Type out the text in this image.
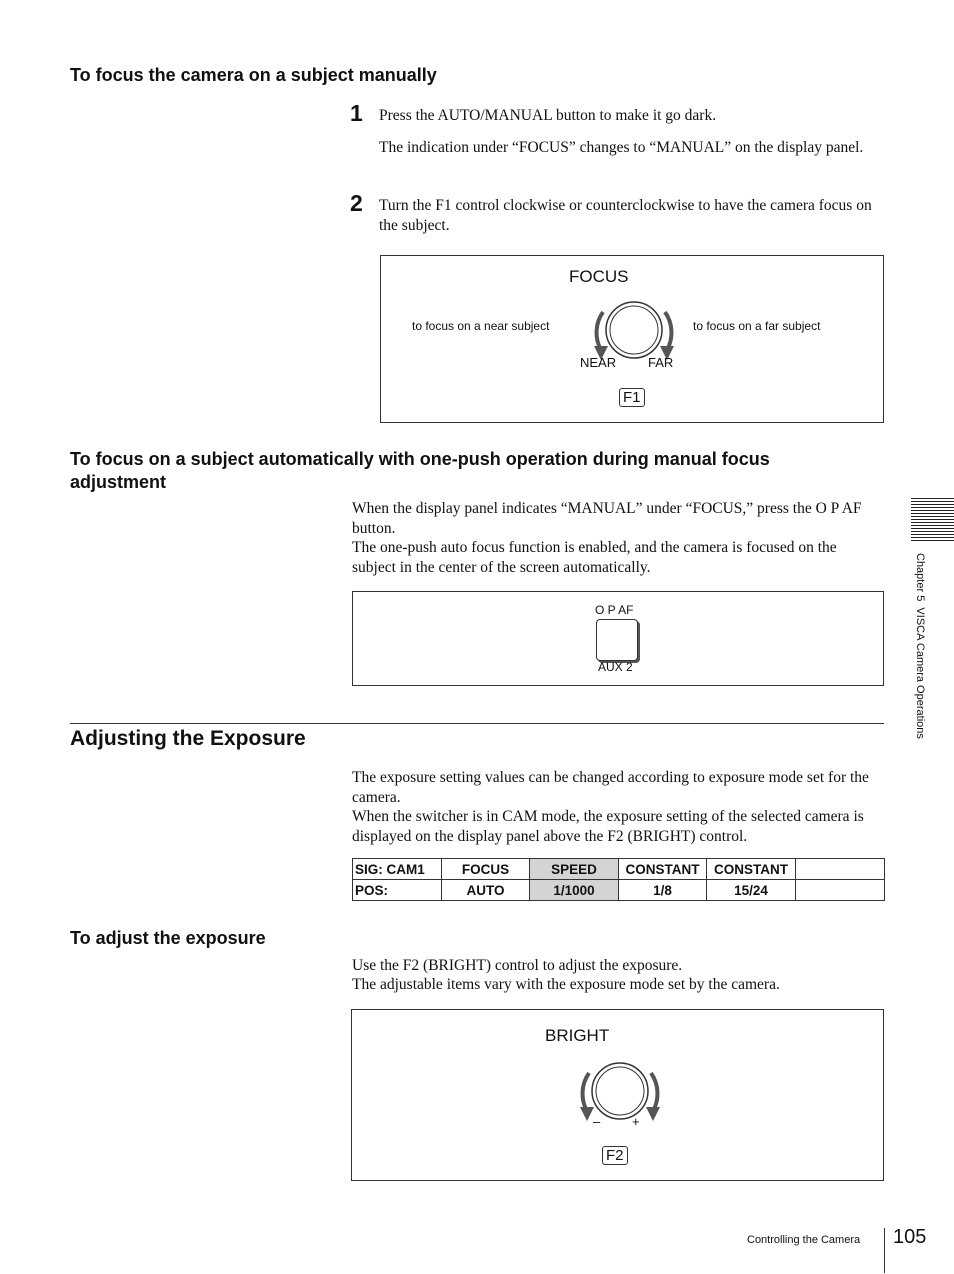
To focus the camera on a subject manually
1 Press the AUTO/MANUAL button to make it go dark.
The indication under “FOCUS” changes to “MANUAL” on the display panel.
2 Turn the F1 control clockwise or counterclockwise to have the camera focus on the subject.
FOCUS
to focus on a near subject	to focus on a far subject
NEAR FAR
F1
To focus on a subject automatically with one-push operation during manual focus adjustment
When the display panel indicates “MANUAL” under “FOCUS,” press the O P AF button.
The one-push auto focus function is enabled, and the camera is focused on the subject in the center of the screen automatically.
O P AF
AUX 2
Adjusting the Exposure
The exposure setting values can be changed according to exposure mode set for the camera.
When the switcher is in CAM mode, the exposure setting of the selected camera is displayed on the display panel above the F2 (BRIGHT) control.
SIG: CAM1	FOCUS	SPEED	CONSTANT	CONSTANT	
POS:	AUTO	1/1000	1/8	15/24	
To adjust the exposure
Use the F2 (BRIGHT) control to adjust the exposure.
The adjustable items vary with the exposure mode set by the camera.
BRIGHT
– +
F2
Chapter 5  VISCA Camera Operations
Controlling the Camera 105
